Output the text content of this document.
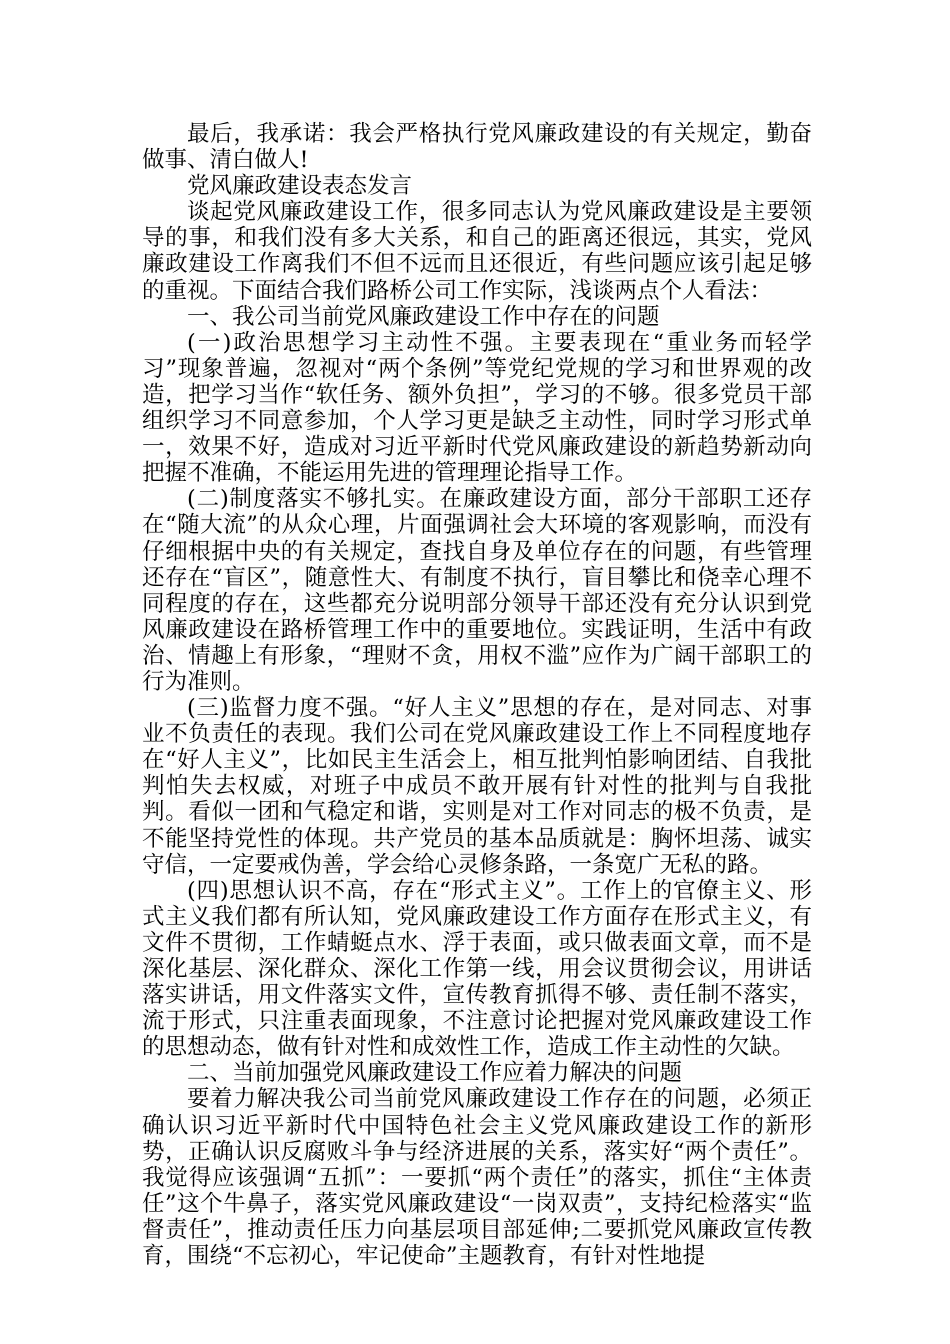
最后，我承诺：我会严格执行党风廉政建设的有关规定，勤奋做事、清白做人!

党风廉政建设表态发言

谈起党风廉政建设工作，很多同志认为党风廉政建设是主要领导的事，和我们没有多大关系，和自己的距离还很远，其实，党风廉政建设工作离我们不但不远而且还很近，有些问题应该引起足够的重视。下面结合我们路桥公司工作实际，浅谈两点个人看法：

一、我公司当前党风廉政建设工作中存在的问题

(一)政治思想学习主动性不强。主要表现在“重业务而轻学习”现象普遍，忽视对“两个条例”等党纪党规的学习和世界观的改造，把学习当作“软任务、额外负担”，学习的不够。很多党员干部组织学习不同意参加，个人学习更是缺乏主动性，同时学习形式单一，效果不好，造成对习近平新时代党风廉政建设的新趋势新动向把握不准确，不能运用先进的管理理论指导工作。

(二)制度落实不够扎实。在廉政建设方面，部分干部职工还存在“随大流”的从众心理，片面强调社会大环境的客观影响，而没有仔细根据中央的有关规定，查找自身及单位存在的问题，有些管理还存在“盲区”，随意性大、有制度不执行，盲目攀比和侥幸心理不同程度的存在，这些都充分说明部分领导干部还没有充分认识到党风廉政建设在路桥管理工作中的重要地位。实践证明，生活中有政治、情趣上有形象，“理财不贪，用权不滥”应作为广阔干部职工的行为准则。

(三)监督力度不强。“好人主义”思想的存在，是对同志、对事业不负责任的表现。我们公司在党风廉政建设工作上不同程度地存在“好人主义”，比如民主生活会上，相互批判怕影响团结、自我批判怕失去权威，对班子中成员不敢开展有针对性的批判与自我批判。看似一团和气稳定和谐，实则是对工作对同志的极不负责，是不能坚持党性的体现。共产党员的基本品质就是：胸怀坦荡、诚实守信，一定要戒伪善，学会给心灵修条路，一条宽广无私的路。

(四)思想认识不高，存在“形式主义”。工作上的官僚主义、形式主义我们都有所认知，党风廉政建设工作方面存在形式主义，有文件不贯彻，工作蜻蜓点水、浮于表面，或只做表面文章，而不是深化基层、深化群众、深化工作第一线，用会议贯彻会议，用讲话落实讲话，用文件落实文件，宣传教育抓得不够、责任制不落实，流于形式，只注重表面现象，不注意讨论把握对党风廉政建设工作的思想动态，做有针对性和成效性工作，造成工作主动性的欠缺。

二、当前加强党风廉政建设工作应着力解决的问题

要着力解决我公司当前党风廉政建设工作存在的问题，必须正确认识习近平新时代中国特色社会主义党风廉政建设工作的新形势，正确认识反腐败斗争与经济进展的关系，落实好“两个责任”。我觉得应该强调“五抓”：一要抓“两个责任”的落实，抓住“主体责任”这个牛鼻子，落实党风廉政建设“一岗双责”，支持纪检落实“监督责任”，推动责任压力向基层项目部延伸;二要抓党风廉政宣传教育，围绕“不忘初心，牢记使命”主题教育，有针对性地提
